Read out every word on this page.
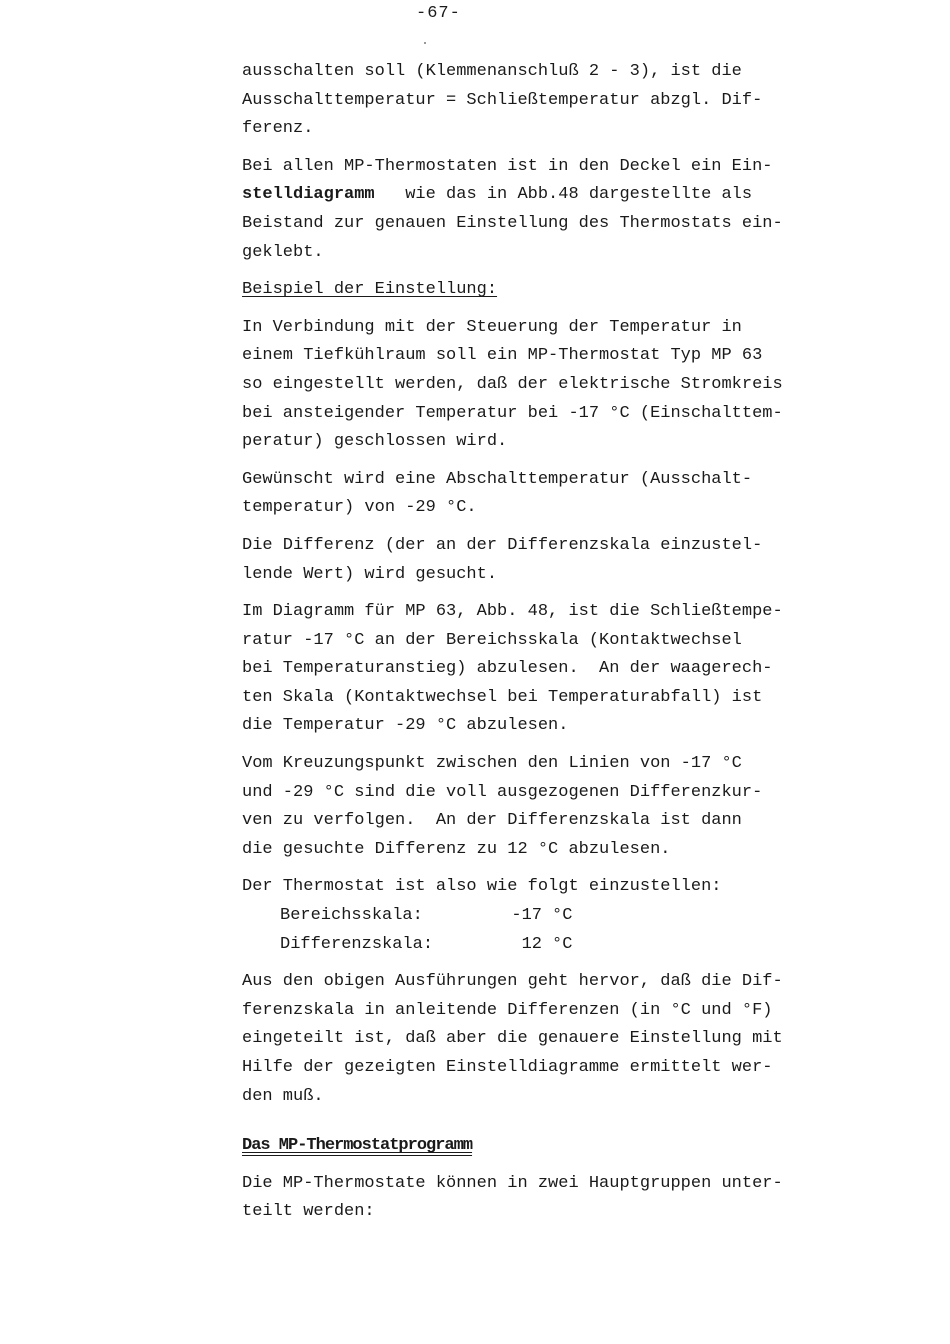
-67-
ausschalten soll (Klemmenanschluß 2 - 3), ist die
Ausschalttemperatur = Schließtemperatur abzgl. Dif-
ferenz.
Bei allen MP-Thermostaten ist in den Deckel ein Ein-
stelldiagramm   wie das in Abb.48 dargestellte als
Beistand zur genauen Einstellung des Thermostats ein-
geklebt.
Beispiel der Einstellung:
In Verbindung mit der Steuerung der Temperatur in
einem Tiefkühlraum soll ein MP-Thermostat Typ MP 63
so eingestellt werden, daß der elektrische Stromkreis
bei ansteigender Temperatur bei -17 °C (Einschalttem-
peratur) geschlossen wird.
Gewünscht wird eine Abschalttemperatur (Ausschalt-
temperatur) von -29 °C.
Die Differenz (der an der Differenzskala einzustel-
lende Wert) wird gesucht.
Im Diagramm für MP 63, Abb. 48, ist die Schließtempe-
ratur -17 °C an der Bereichsskala (Kontaktwechsel
bei Temperaturanstieg) abzulesen.  An der waagerech-
ten Skala (Kontaktwechsel bei Temperaturabfall) ist
die Temperatur -29 °C abzulesen.
Vom Kreuzungspunkt zwischen den Linien von -17 °C
und -29 °C sind die voll ausgezogenen Differenzkur-
ven zu verfolgen.  An der Differenzskala ist dann
die gesuchte Differenz zu 12 °C abzulesen.
Der Thermostat ist also wie folgt einzustellen:
Bereichsskala:	-17 °C
Differenzskala:	12 °C
Aus den obigen Ausführungen geht hervor, daß die Dif-
ferenzskala in anleitende Differenzen (in °C und °F)
eingeteilt ist, daß aber die genauere Einstellung mit
Hilfe der gezeigten Einstelldiagramme ermittelt wer-
den muß.
Das MP-Thermostatprogramm
Die MP-Thermostate können in zwei Hauptgruppen unter-
teilt werden:
